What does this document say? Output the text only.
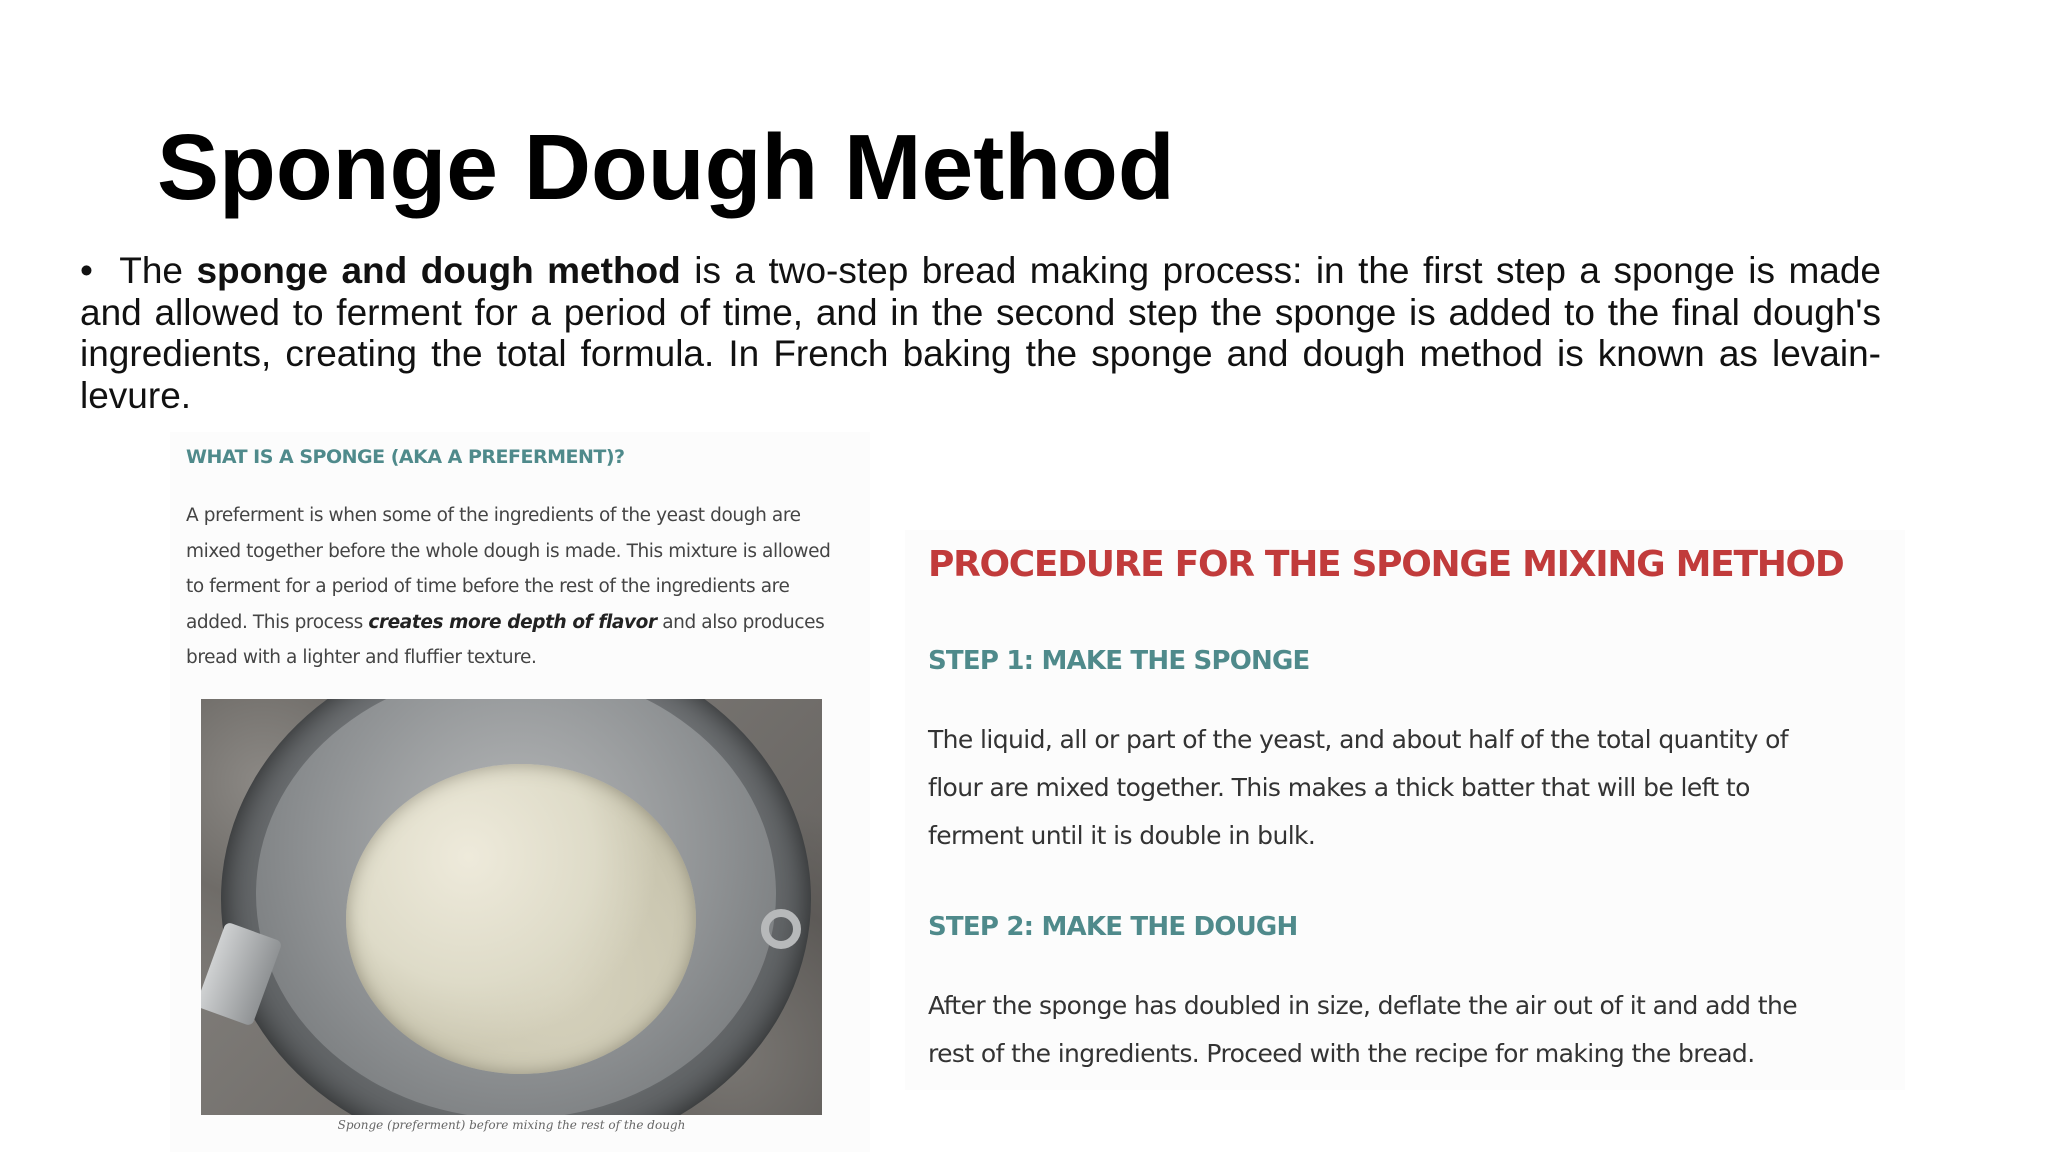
Sponge Dough Method

• The sponge and dough method is a two-step bread making process: in the first step a sponge is made and allowed to ferment for a period of time, and in the second step the sponge is added to the final dough's ingredients, creating the total formula. In French baking the sponge and dough method is known as levain-levure.

WHAT IS A SPONGE (AKA A PREFERMENT)?

A preferment is when some of the ingredients of the yeast dough are mixed together before the whole dough is made. This mixture is allowed to ferment for a period of time before the rest of the ingredients are added. This process creates more depth of flavor and also produces bread with a lighter and fluffier texture.

Sponge (preferment) before mixing the rest of the dough

PROCEDURE FOR THE SPONGE MIXING METHOD
STEP 1: MAKE THE SPONGE

The liquid, all or part of the yeast, and about half of the total quantity of flour are mixed together. This makes a thick batter that will be left to ferment until it is double in bulk.

STEP 2: MAKE THE DOUGH

After the sponge has doubled in size, deflate the air out of it and add the rest of the ingredients. Proceed with the recipe for making the bread.
